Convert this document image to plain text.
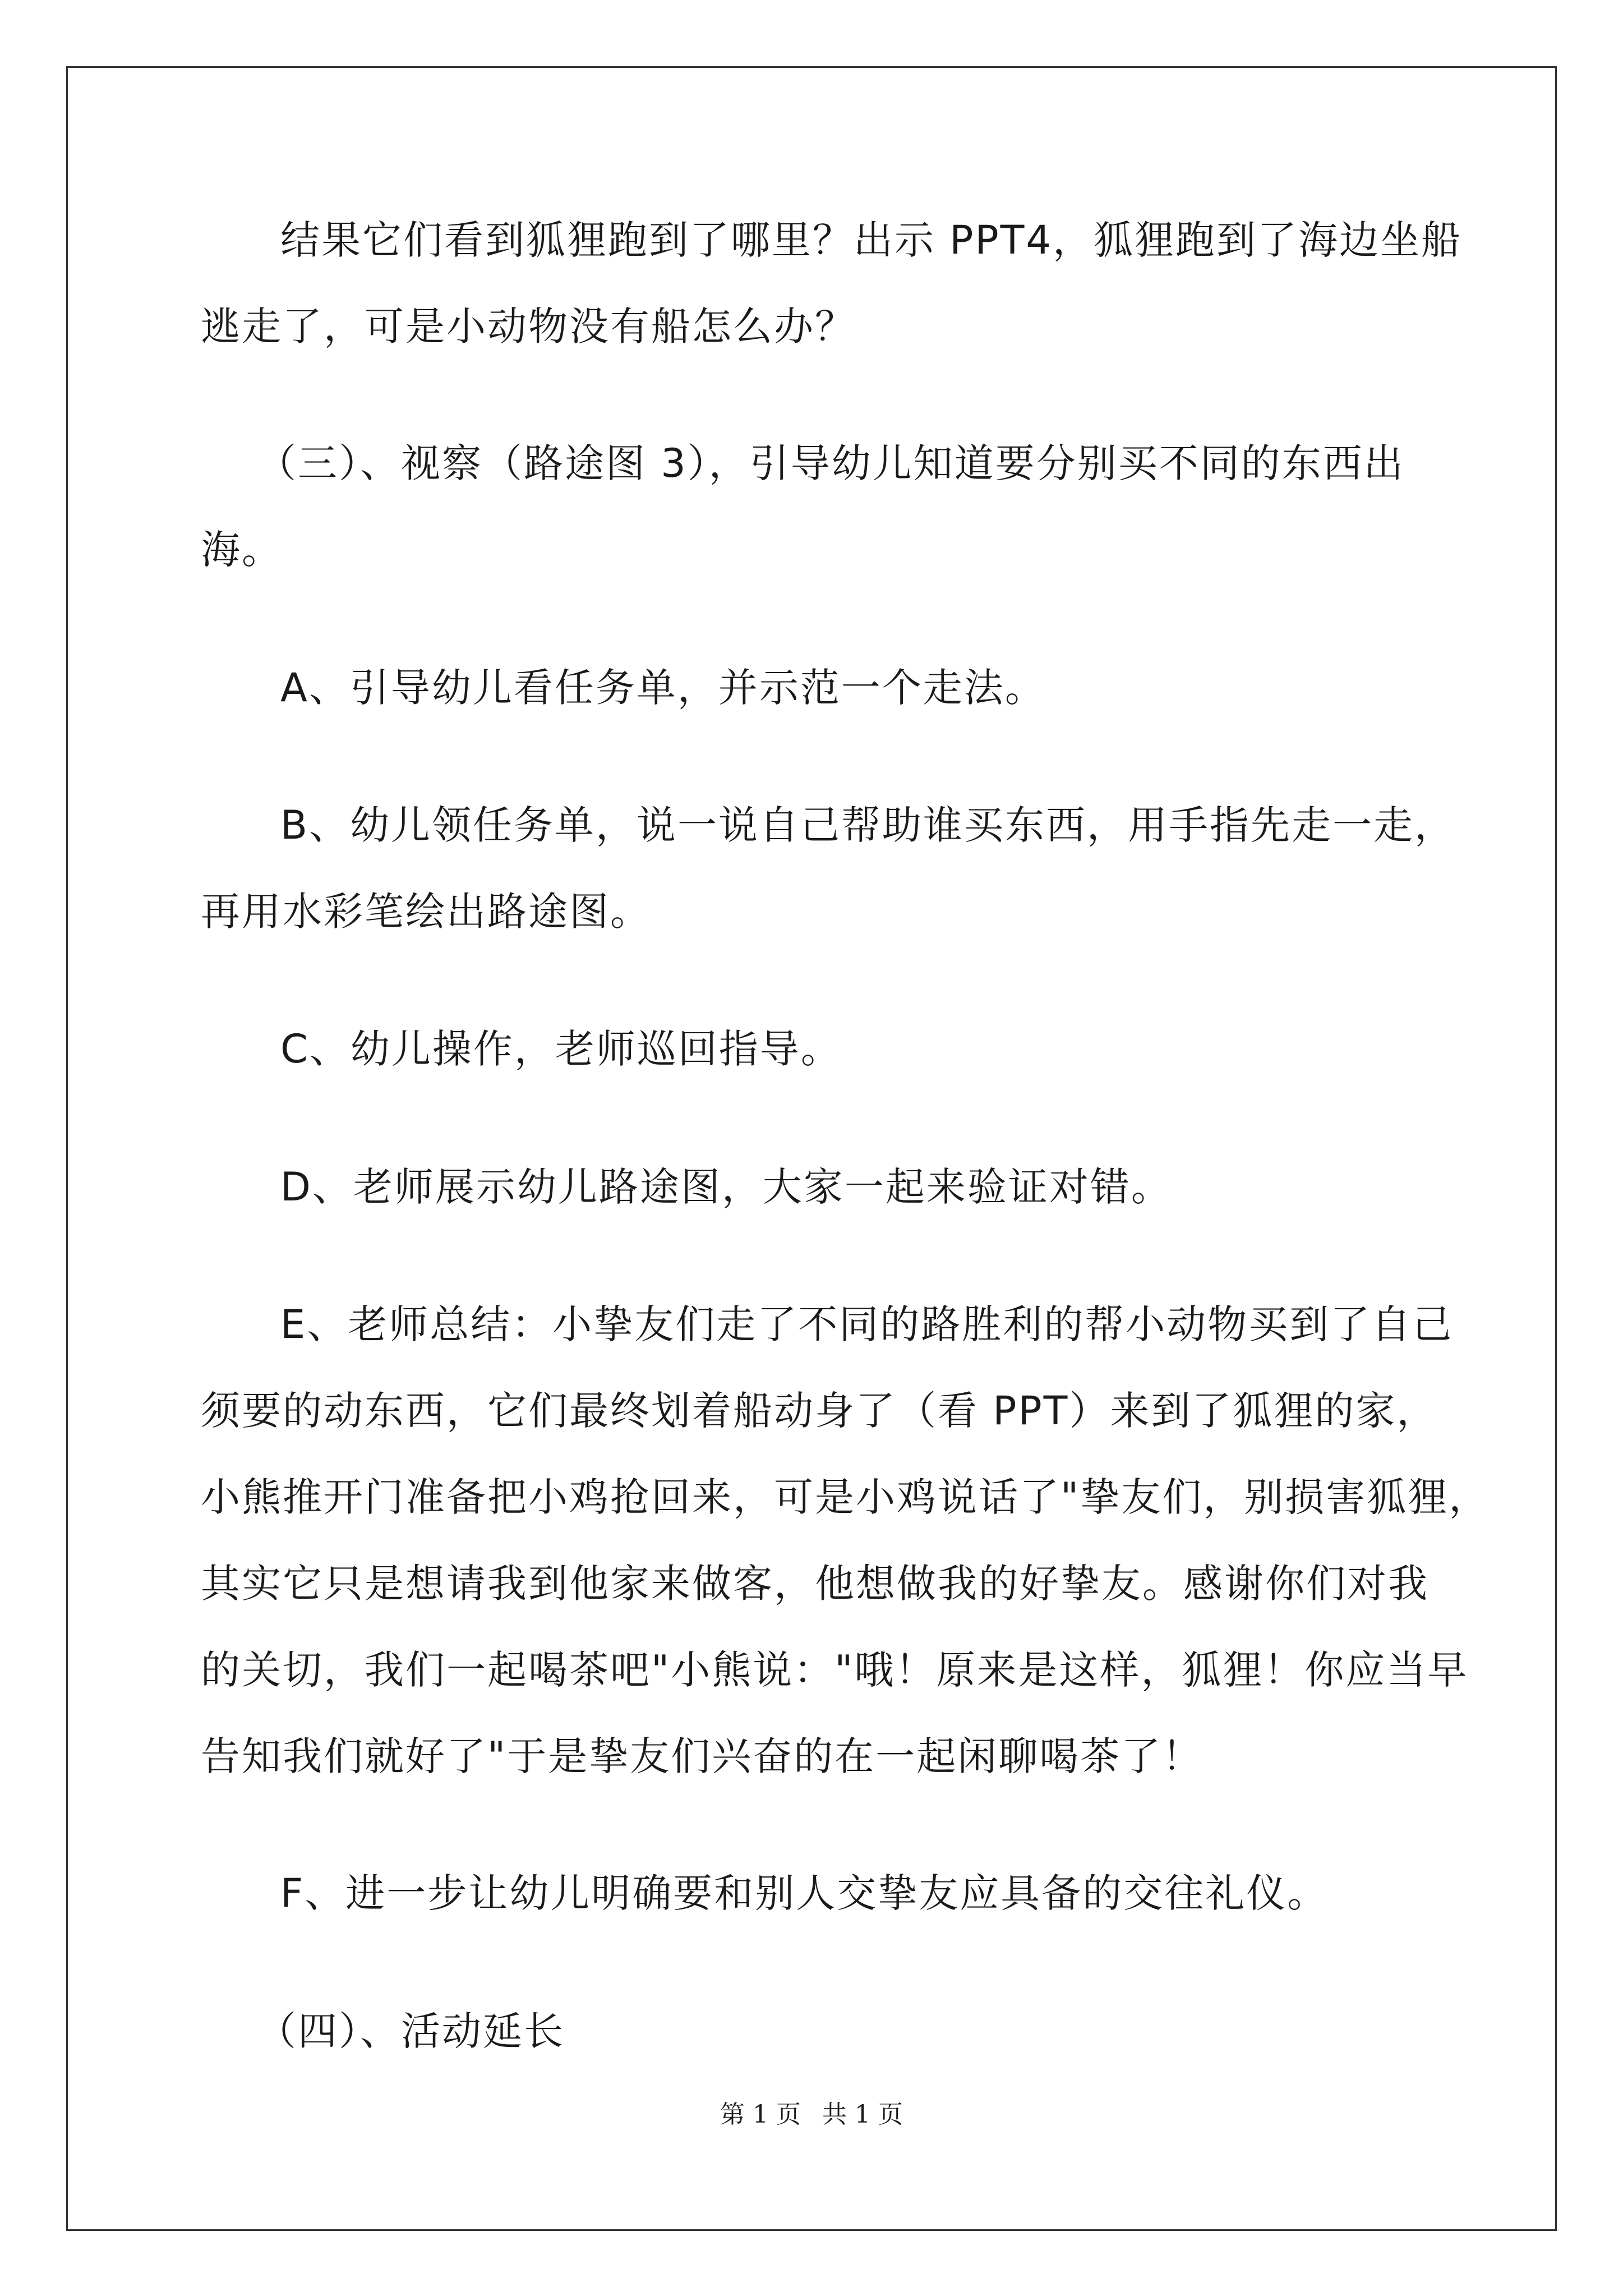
结果它们看到狐狸跑到了哪里？出示 PPT4，狐狸跑到了海边坐船
逃走了，可是小动物没有船怎么办？
（三）、视察（路途图 3），引导幼儿知道要分别买不同的东西出
海。
A、引导幼儿看任务单，并示范一个走法。
B、幼儿领任务单，说一说自己帮助谁买东西，用手指先走一走，
再用水彩笔绘出路途图。
C、幼儿操作，老师巡回指导。
D、老师展示幼儿路途图，大家一起来验证对错。
E、老师总结：小挚友们走了不同的路胜利的帮小动物买到了自己
须要的动东西，它们最终划着船动身了（看 PPT）来到了狐狸的家，
小熊推开门准备把小鸡抢回来，可是小鸡说话了"挚友们，别损害狐狸，
其实它只是想请我到他家来做客，他想做我的好挚友。感谢你们对我
的关切，我们一起喝茶吧"小熊说："哦！原来是这样，狐狸！你应当早
告知我们就好了"于是挚友们兴奋的在一起闲聊喝茶了！
F、进一步让幼儿明确要和别人交挚友应具备的交往礼仪。
（四）、活动延长
第 1 页 共 1 页
